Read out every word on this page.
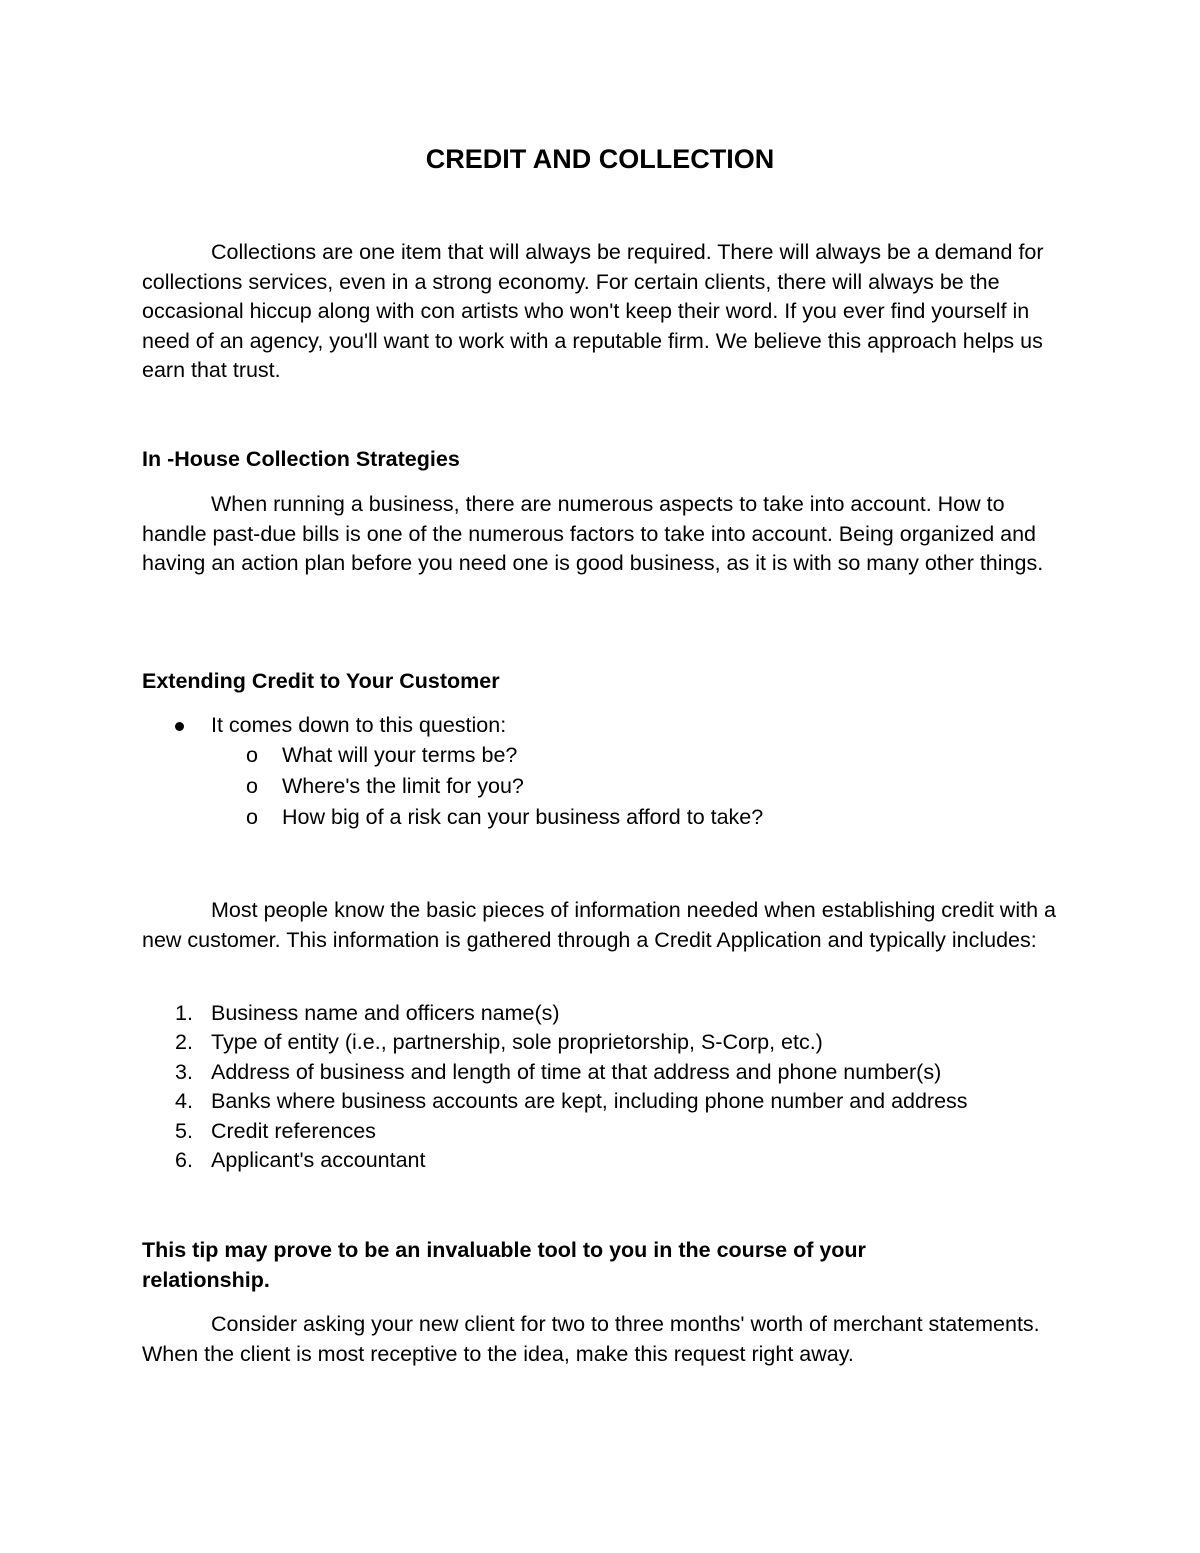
CREDIT AND COLLECTION

Collections are one item that will always be required. There will always be a demand for collections services, even in a strong economy. For certain clients, there will always be the occasional hiccup along with con artists who won't keep their word. If you ever find yourself in need of an agency, you'll want to work with a reputable firm. We believe this approach helps us earn that trust.

In -House Collection Strategies

When running a business, there are numerous aspects to take into account. How to handle past-due bills is one of the numerous factors to take into account. Being organized and having an action plan before you need one is good business, as it is with so many other things.

Extending Credit to Your Customer

It comes down to this question:
o What will your terms be?
o Where's the limit for you?
o How big of a risk can your business afford to take?

Most people know the basic pieces of information needed when establishing credit with a new customer. This information is gathered through a Credit Application and typically includes:

1. Business name and officers name(s)
2. Type of entity (i.e., partnership, sole proprietorship, S-Corp, etc.)
3. Address of business and length of time at that address and phone number(s)
4. Banks where business accounts are kept, including phone number and address
5. Credit references
6. Applicant's accountant

This tip may prove to be an invaluable tool to you in the course of your relationship.

Consider asking your new client for two to three months' worth of merchant statements. When the client is most receptive to the idea, make this request right away.
